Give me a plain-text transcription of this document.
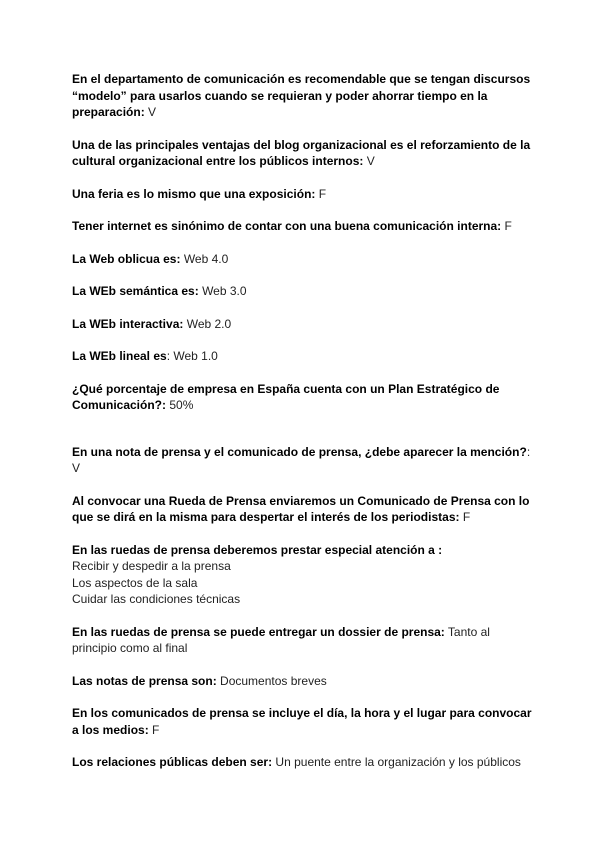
En el departamento de comunicación es recomendable que se tengan discursos “modelo” para usarlos cuando se requieran y poder ahorrar tiempo en la preparación: V

Una de las principales ventajas del blog organizacional es el reforzamiento de la cultural organizacional entre los públicos internos: V

Una feria es lo mismo que una exposición: F

Tener internet es sinónimo de contar con una buena comunicación interna: F

La Web oblicua es: Web 4.0

La WEb semántica es: Web 3.0

La WEb interactiva: Web 2.0

La WEb lineal es: Web 1.0

¿Qué porcentaje de empresa en España cuenta con un Plan Estratégico de Comunicación?: 50%

En una nota de prensa y el comunicado de prensa, ¿debe aparecer la mención?: V

Al convocar una Rueda de Prensa enviaremos un Comunicado de Prensa con lo que se dirá en la misma para despertar el interés de los periodistas: F

En las ruedas de prensa deberemos prestar especial atención a :

Recibir y despedir a la prensa
Los aspectos de la sala
Cuidar las condiciones técnicas

En las ruedas de prensa se puede entregar un dossier de prensa: Tanto al principio como al final

Las notas de prensa son: Documentos breves

En los comunicados de prensa se incluye el día, la hora y el lugar para convocar a los medios: F

Los relaciones públicas deben ser: Un puente entre la organización y los públicos
